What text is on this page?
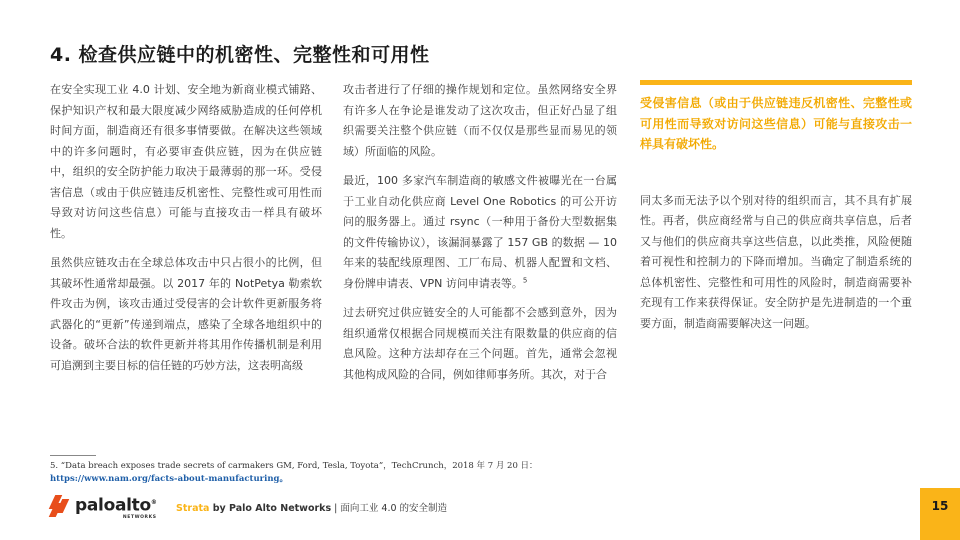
4. 检查供应链中的机密性、完整性和可用性

在安全实现工业 4.0 计划、安全地为新商业模式铺路、保护知识产权和最大限度减少网络威胁造成的任何停机时间方面，制造商还有很多事情要做。在解决这些领域中的许多问题时，有必要审查供应链，因为在供应链中，组织的安全防护能力取决于最薄弱的那一环。受侵害信息（或由于供应链违反机密性、完整性或可用性而导致对访问这些信息）可能与直接攻击一样具有破坏性。

虽然供应链攻击在全球总体攻击中只占很小的比例，但其破坏性通常却最强。以 2017 年的 NotPetya 勒索软件攻击为例，该攻击通过受侵害的会计软件更新服务将武器化的“更新”传递到端点，感染了全球各地组织中的设备。破坏合法的软件更新并将其用作传播机制是利用可追溯到主要目标的信任链的巧妙方法，这表明高级

攻击者进行了仔细的操作规划和定位。虽然网络安全界有许多人在争论是谁发动了这次攻击，但正好凸显了组织需要关注整个供应链（而不仅仅是那些显而易见的领域）所面临的风险。

最近，100 多家汽车制造商的敏感文件被曝光在一台属于工业自动化供应商 Level One Robotics 的可公开访问的服务器上。通过 rsync（一种用于备份大型数据集的文件传输协议），该漏洞暴露了 157 GB 的数据 — 10 年来的装配线原理图、工厂布局、机器人配置和文档、身份牌申请表、VPN 访问申请表等。$^5$

过去研究过供应链安全的人可能都不会感到意外，因为组织通常仅根据合同规模而关注有限数量的供应商的信息风险。这种方法却存在三个问题。首先，通常会忽视其他构成风险的合同，例如律师事务所。其次，对于合

受侵害信息（或由于供应链违反机密性、完整性或可用性而导致对访问这些信息）可能与直接攻击一样具有破坏性。

同太多而无法予以个别对待的组织而言，其不具有扩展性。再者，供应商经常与自己的供应商共享信息，后者又与他们的供应商共享这些信息，以此类推，风险便随着可视性和控制力的下降而增加。当确定了制造系统的总体机密性、完整性和可用性的风险时，制造商需要补充现有工作来获得保证。安全防护是先进制造的一个重要方面，制造商需要解决这一问题。

5. “Data breach exposes trade secrets of carmakers GM, Ford, Tesla, Toyota”，TechCrunch，2018 年 7 月 20 日：
https://www.nam.org/facts-about-manufacturing。
paloalto®
NETWORKS
Strata by Palo Alto Networks | 面向工业 4.0 的安全制造	15
